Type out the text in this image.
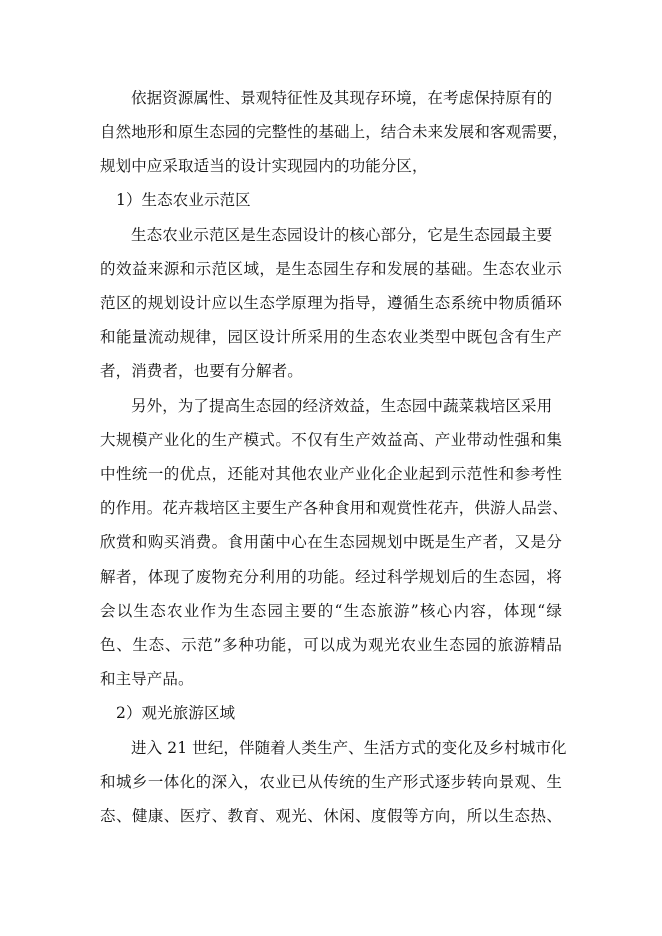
依据资源属性、景观特征性及其现存环境，在考虑保持原有的
自然地形和原生态园的完整性的基础上，结合未来发展和客观需要，
规划中应采取适当的设计实现园内的功能分区，
1）生态农业示范区
生态农业示范区是生态园设计的核心部分，它是生态园最主要
的效益来源和示范区域，是生态园生存和发展的基础。生态农业示
范区的规划设计应以生态学原理为指导，遵循生态系统中物质循环
和能量流动规律，园区设计所采用的生态农业类型中既包含有生产
者，消费者，也要有分解者。
另外，为了提高生态园的经济效益，生态园中蔬菜栽培区采用
大规模产业化的生产模式。不仅有生产效益高、产业带动性强和集
中性统一的优点，还能对其他农业产业化企业起到示范性和参考性
的作用。花卉栽培区主要生产各种食用和观赏性花卉，供游人品尝、
欣赏和购买消费。食用菌中心在生态园规划中既是生产者，又是分
解者，体现了废物充分利用的功能。经过科学规划后的生态园，将
会以生态农业作为生态园主要的“生态旅游”核心内容，体现“绿
色、生态、示范”多种功能，可以成为观光农业生态园的旅游精品
和主导产品。
2）观光旅游区域
进入 21 世纪，伴随着人类生产、生活方式的变化及乡村城市化
和城乡一体化的深入，农业已从传统的生产形式逐步转向景观、生
态、健康、医疗、教育、观光、休闲、度假等方向，所以生态热、
